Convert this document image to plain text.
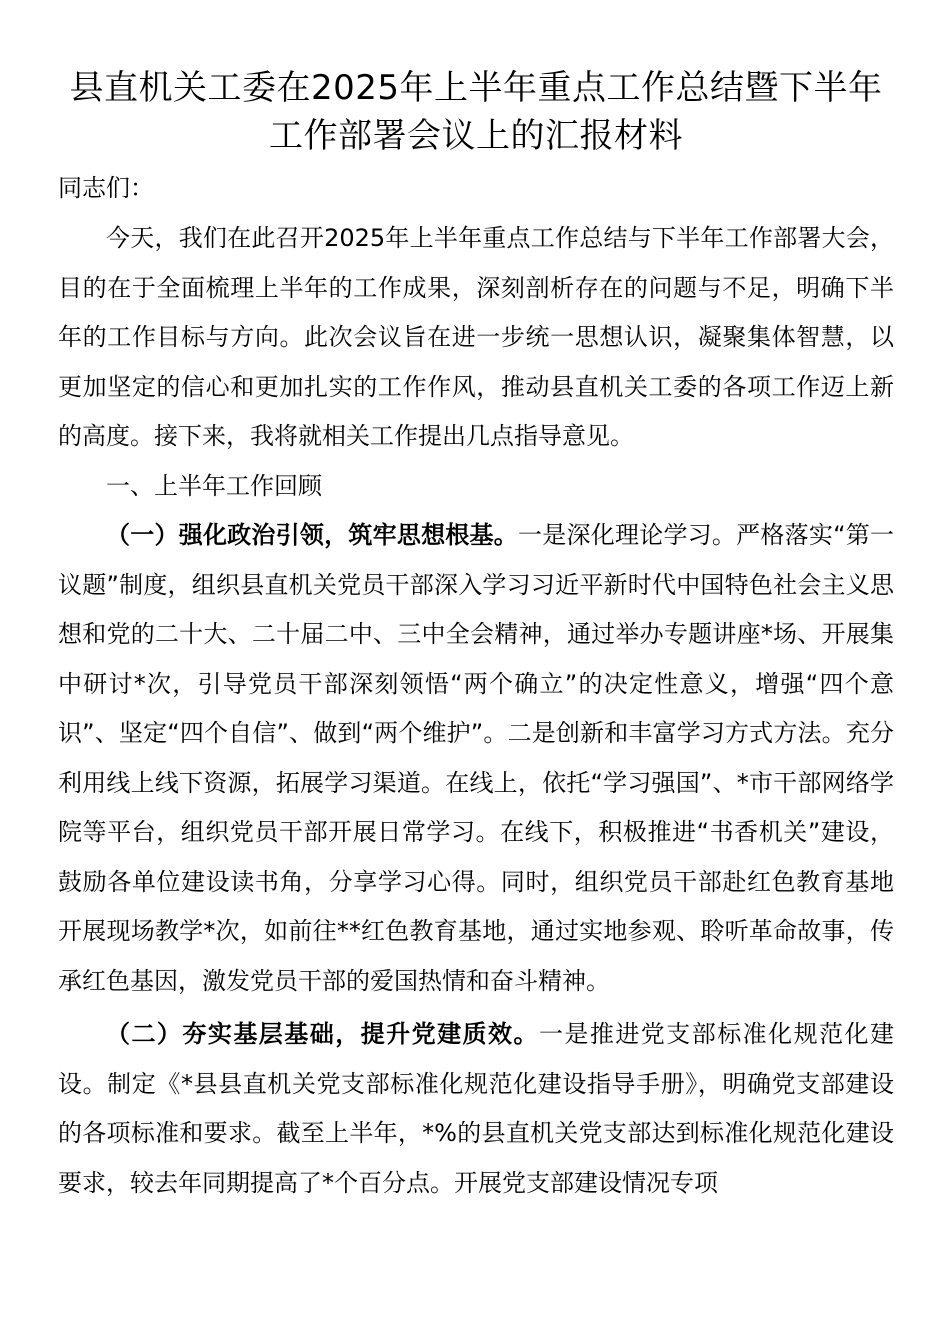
县直机关工委在2025年上半年重点工作总结暨下半年工作部署会议上的汇报材料

同志们：

今天，我们在此召开2025年上半年重点工作总结与下半年工作部署大会，目的在于全面梳理上半年的工作成果，深刻剖析存在的问题与不足，明确下半年的工作目标与方向。此次会议旨在进一步统一思想认识，凝聚集体智慧，以更加坚定的信心和更加扎实的工作作风，推动县直机关工委的各项工作迈上新的高度。接下来，我将就相关工作提出几点指导意见。

一、上半年工作回顾

（一）强化政治引领，筑牢思想根基。一是深化理论学习。严格落实“第一议题”制度，组织县直机关党员干部深入学习习近平新时代中国特色社会主义思想和党的二十大、二十届二中、三中全会精神，通过举办专题讲座*场、开展集中研讨*次，引导党员干部深刻领悟“两个确立”的决定性意义，增强“四个意识”、坚定“四个自信”、做到“两个维护”。二是创新和丰富学习方式方法。充分利用线上线下资源，拓展学习渠道。在线上，依托“学习强国”、*市干部网络学院等平台，组织党员干部开展日常学习。在线下，积极推进“书香机关”建设，鼓励各单位建设读书角，分享学习心得。同时，组织党员干部赴红色教育基地开展现场教学*次，如前往**红色教育基地，通过实地参观、聆听革命故事，传承红色基因，激发党员干部的爱国热情和奋斗精神。

（二）夯实基层基础，提升党建质效。一是推进党支部标准化规范化建设。制定《*县县直机关党支部标准化规范化建设指导手册》，明确党支部建设的各项标准和要求。截至上半年，*%的县直机关党支部达到标准化规范化建设要求，较去年同期提高了*个百分点。开展党支部建设情况专项
